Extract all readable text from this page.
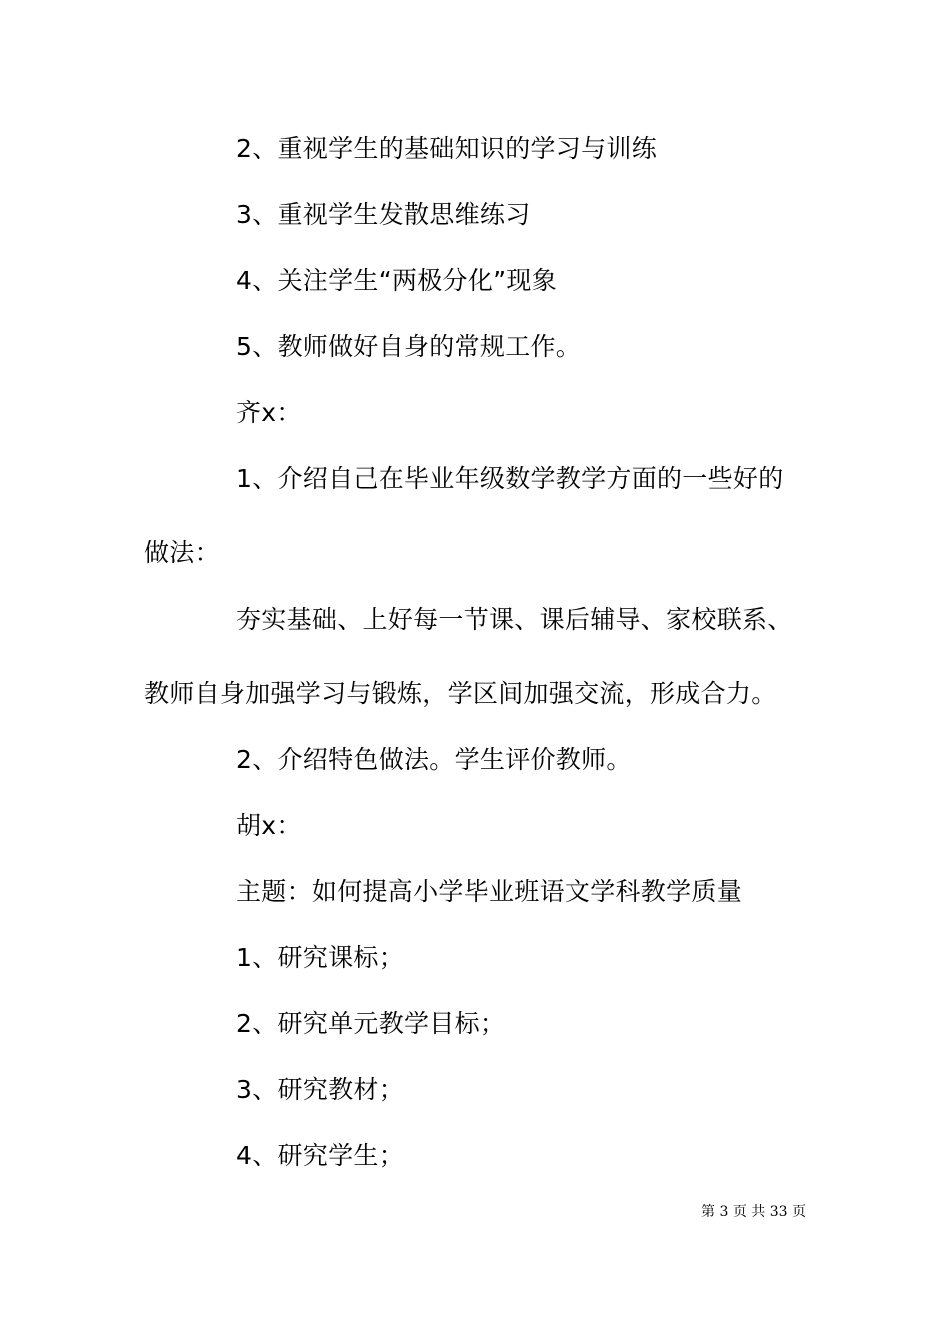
2、重视学生的基础知识的学习与训练

3、重视学生发散思维练习

4、关注学生“两极分化”现象

5、教师做好自身的常规工作。

齐x：

1、介绍自己在毕业年级数学教学方面的一些好的

做法：

夯实基础、上好每一节课、课后辅导、家校联系、

教师自身加强学习与锻炼，学区间加强交流，形成合力。

2、介绍特色做法。学生评价教师。

胡x：

主题：如何提高小学毕业班语文学科教学质量

1、研究课标；

2、研究单元教学目标；

3、研究教材；

4、研究学生；

第 3 页 共 33 页
